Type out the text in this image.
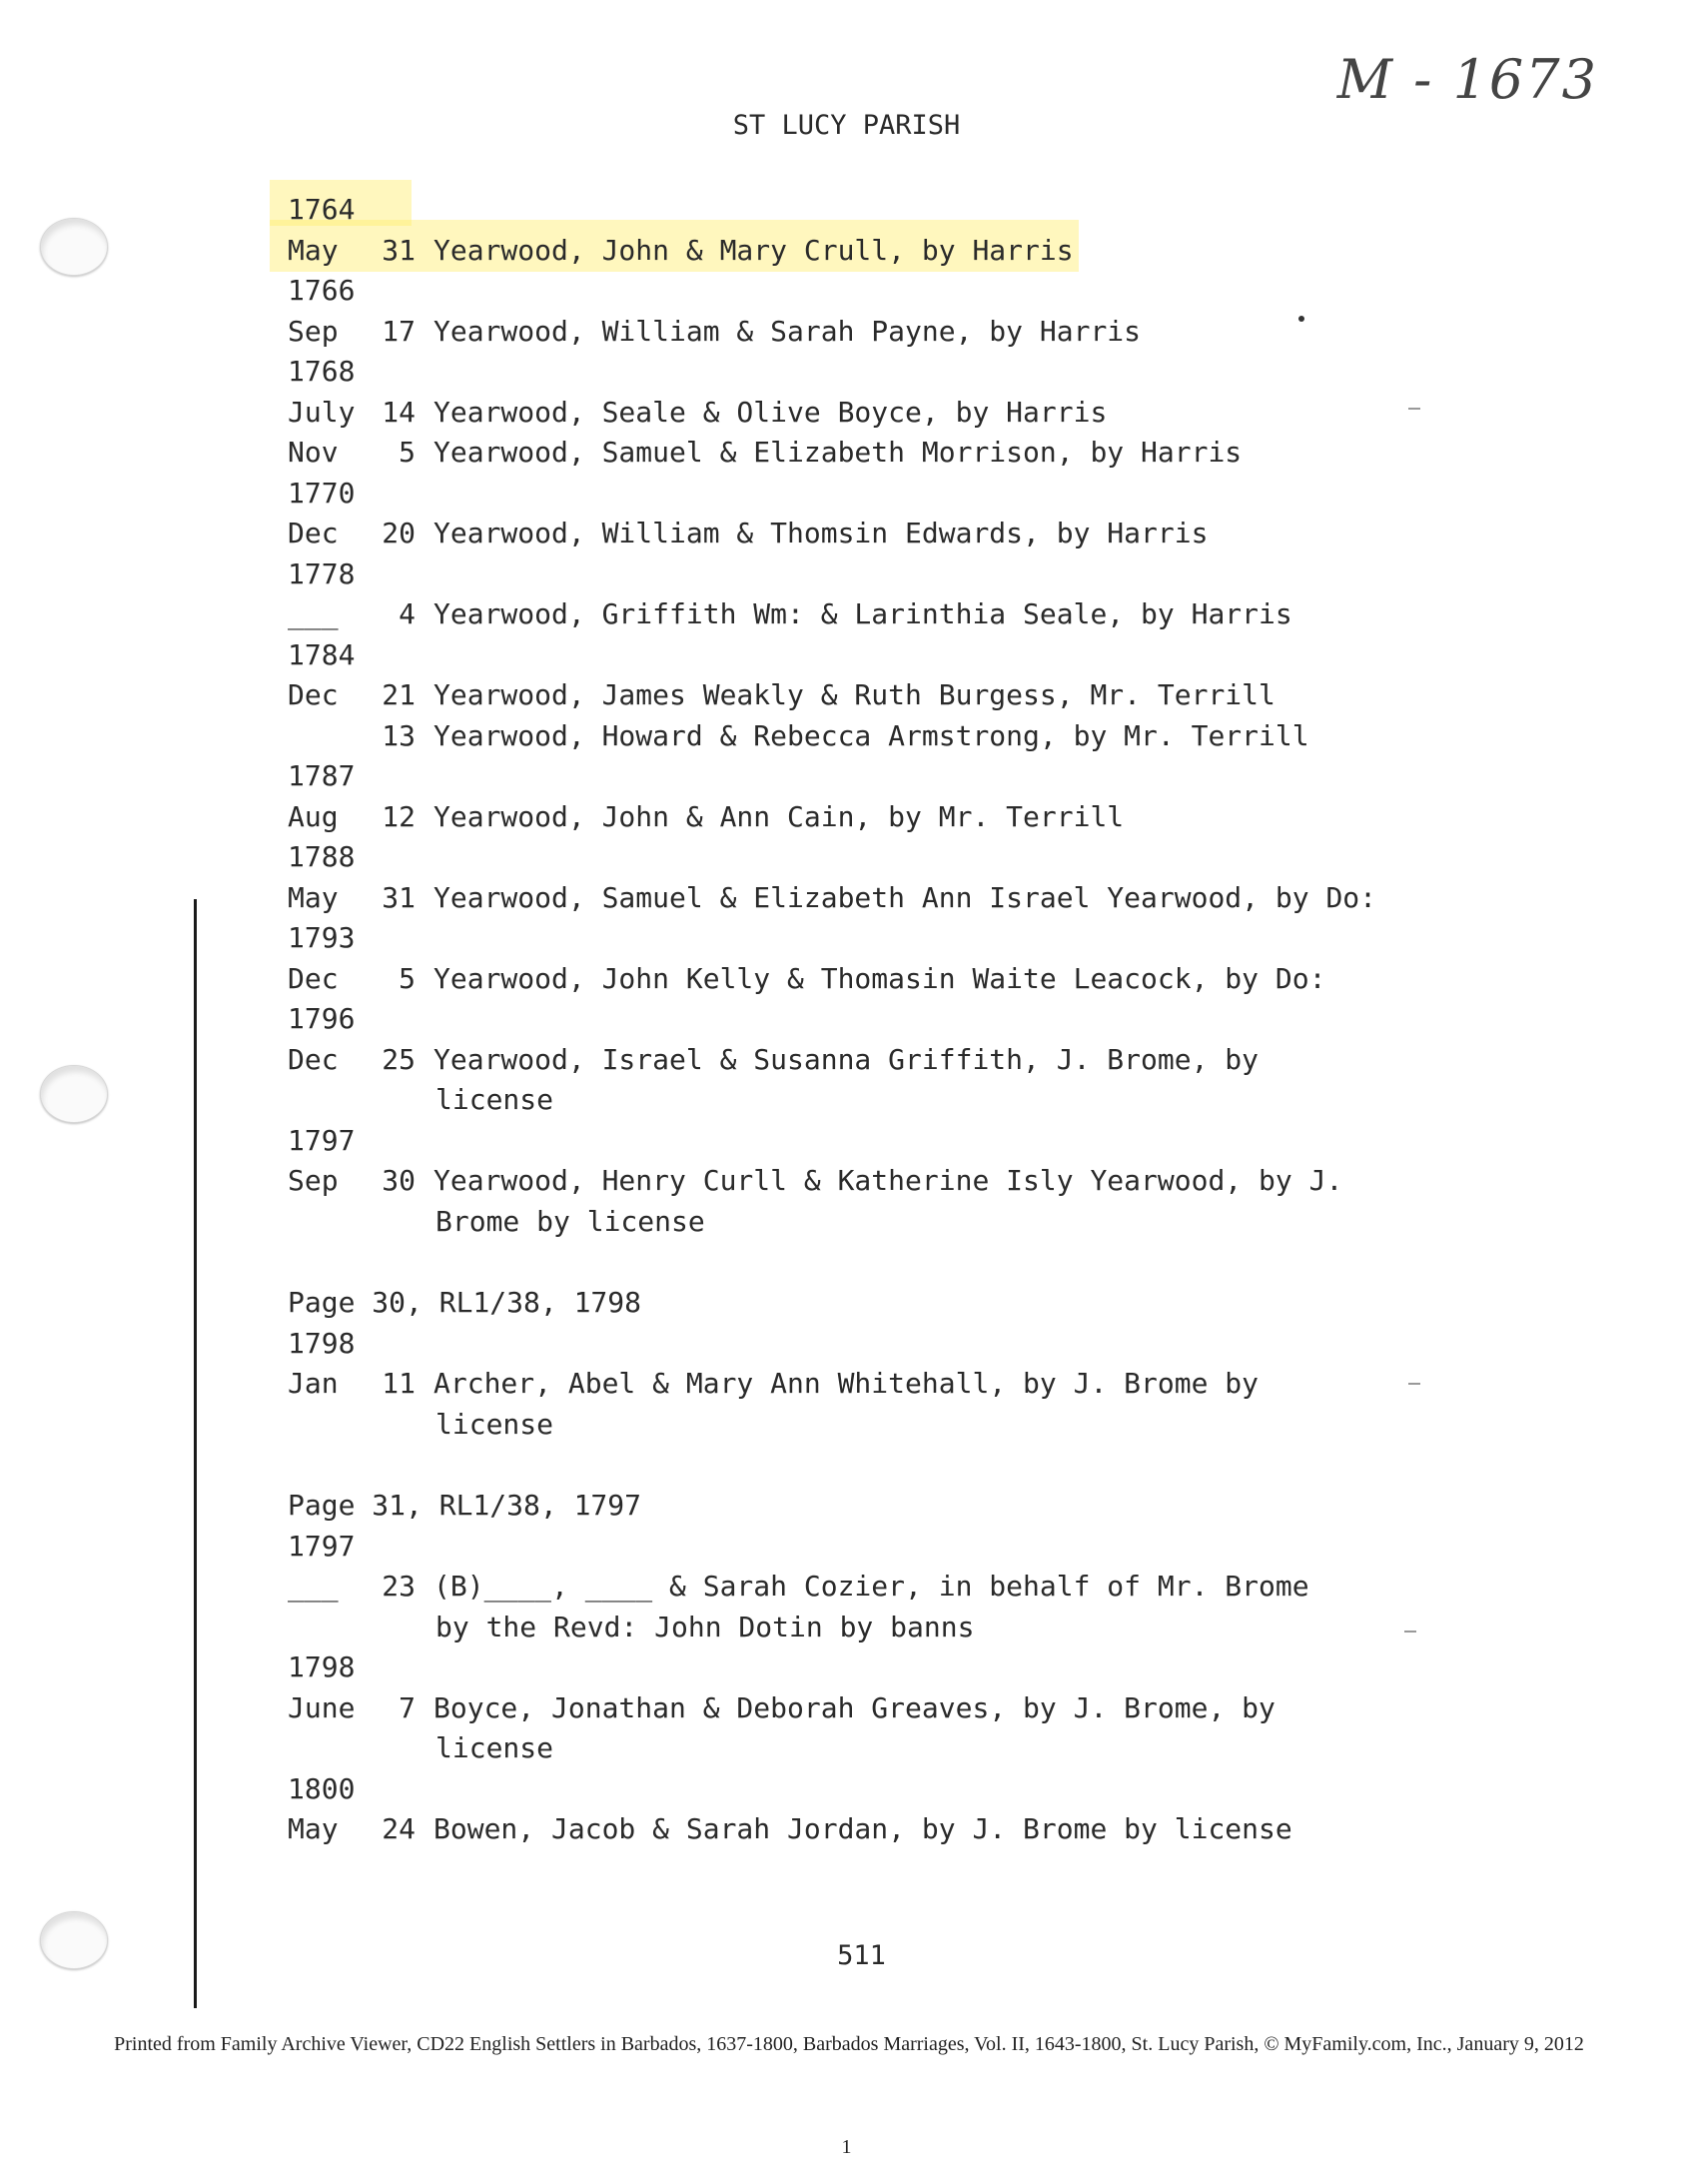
M - 1673
ST LUCY PARISH
1764
May 31 Yearwood, John & Mary Crull, by Harris
1766
Sep 17 Yearwood, William & Sarah Payne, by Harris
1768
July 14 Yearwood, Seale & Olive Boyce, by Harris
Nov 5 Yearwood, Samuel & Elizabeth Morrison, by Harris
1770
Dec 20 Yearwood, William & Thomsin Edwards, by Harris
1778
___ 4 Yearwood, Griffith Wm: & Larinthia Seale, by Harris
1784
Dec 21 Yearwood, James Weakly & Ruth Burgess, Mr. Terrill
13 Yearwood, Howard & Rebecca Armstrong, by Mr. Terrill
1787
Aug 12 Yearwood, John & Ann Cain, by Mr. Terrill
1788
May 31 Yearwood, Samuel & Elizabeth Ann Israel Yearwood, by Do:
1793
Dec 5 Yearwood, John Kelly & Thomasin Waite Leacock, by Do:
1796
Dec 25 Yearwood, Israel & Susanna Griffith, J. Brome, by
license
1797
Sep 30 Yearwood, Henry Curll & Katherine Isly Yearwood, by J.
Brome by license
Page 30, RL1/38, 1798
1798
Jan 11 Archer, Abel & Mary Ann Whitehall, by J. Brome by
license
Page 31, RL1/38, 1797
1797
___ 23 (B)____, ____ & Sarah Cozier, in behalf of Mr. Brome
by the Revd: John Dotin by banns
1798
June 7 Boyce, Jonathan & Deborah Greaves, by J. Brome, by
license
1800
May 24 Bowen, Jacob & Sarah Jordan, by J. Brome by license
511
Printed from Family Archive Viewer, CD22 English Settlers in Barbados, 1637-1800, Barbados Marriages, Vol. II, 1643-1800, St. Lucy Parish, © MyFamily.com, Inc., January 9, 2012
1
